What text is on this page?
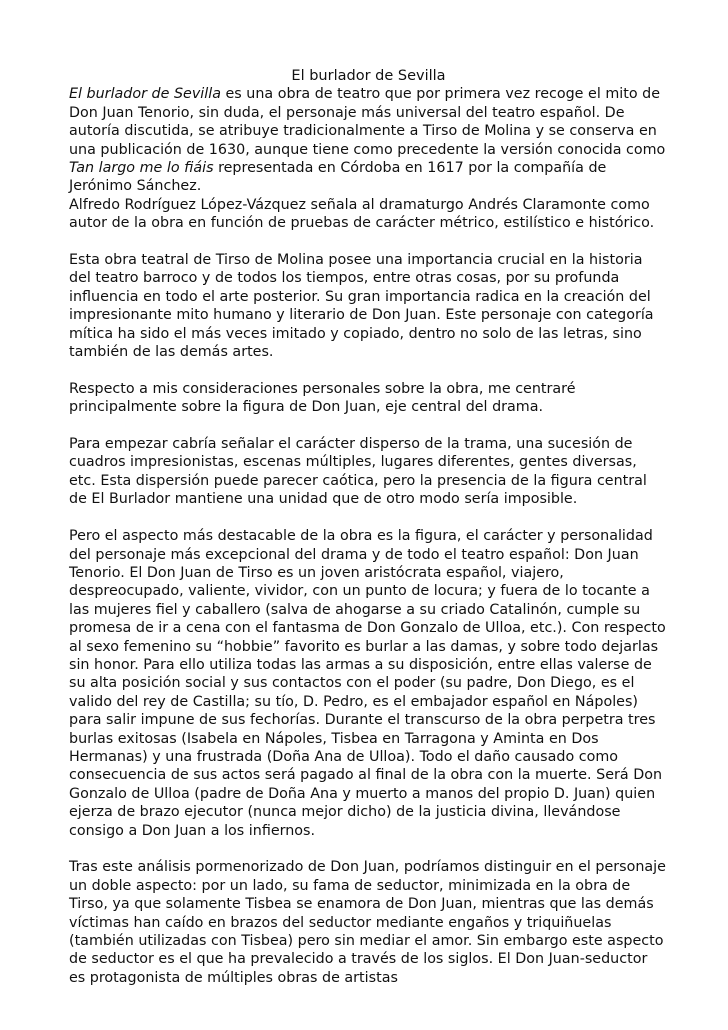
El burlador de Sevilla

El burlador de Sevilla es una obra de teatro que por primera vez recoge el mito de Don Juan Tenorio, sin duda, el personaje más universal del teatro español. De autoría discutida, se atribuye tradicionalmente a Tirso de Molina y se conserva en una publicación de 1630, aunque tiene como precedente la versión conocida como Tan largo me lo fiáis representada en Córdoba en 1617 por la compañía de Jerónimo Sánchez.

Alfredo Rodríguez López-Vázquez señala al dramaturgo Andrés Claramonte como autor de la obra en función de pruebas de carácter métrico, estilístico e histórico.

Esta obra teatral de Tirso de Molina posee una importancia crucial en la historia del teatro barroco y de todos los tiempos, entre otras cosas, por su profunda influencia en todo el arte posterior. Su gran importancia radica en la creación del impresionante mito humano y literario de Don Juan. Este personaje con categoría mítica ha sido el más veces imitado y copiado, dentro no solo de las letras, sino también de las demás artes.

Respecto a mis consideraciones personales sobre la obra, me centraré principalmente sobre la figura de Don Juan, eje central del drama.

Para empezar cabría señalar el carácter disperso de la trama, una sucesión de cuadros impresionistas, escenas múltiples, lugares diferentes, gentes diversas, etc. Esta dispersión puede parecer caótica, pero la presencia de la figura central de El Burlador mantiene una unidad que de otro modo sería imposible.

Pero el aspecto más destacable de la obra es la figura, el carácter y personalidad del personaje más excepcional del drama y de todo el teatro español: Don Juan Tenorio. El Don Juan de Tirso es un joven aristócrata español, viajero, despreocupado, valiente, vividor, con un punto de locura; y fuera de lo tocante a las mujeres fiel y caballero (salva de ahogarse a su criado Catalinón, cumple su promesa de ir a cena con el fantasma de Don Gonzalo de Ulloa, etc.). Con respecto al sexo femenino su “hobbie” favorito es burlar a las damas, y sobre todo dejarlas sin honor. Para ello utiliza todas las armas a su disposición, entre ellas valerse de su alta posición social y sus contactos con el poder (su padre, Don Diego, es el valido del rey de Castilla; su tío, D. Pedro, es el embajador español en Nápoles) para salir impune de sus fechorías. Durante el transcurso de la obra perpetra tres burlas exitosas (Isabela en Nápoles, Tisbea en Tarragona y Aminta en Dos Hermanas) y una frustrada (Doña Ana de Ulloa). Todo el daño causado como consecuencia de sus actos será pagado al final de la obra con la muerte. Será Don Gonzalo de Ulloa (padre de Doña Ana y muerto a manos del propio D. Juan) quien ejerza de brazo ejecutor (nunca mejor dicho) de la justicia divina, llevándose consigo a Don Juan a los infiernos.

Tras este análisis pormenorizado de Don Juan, podríamos distinguir en el personaje un doble aspecto: por un lado, su fama de seductor, minimizada en la obra de Tirso, ya que solamente Tisbea se enamora de Don Juan, mientras que las demás víctimas han caído en brazos del seductor mediante engaños y triquiñuelas (también utilizadas con Tisbea) pero sin mediar el amor. Sin embargo este aspecto de seductor es el que ha prevalecido a través de los siglos. El Don Juan-seductor es protagonista de múltiples obras de artistas
